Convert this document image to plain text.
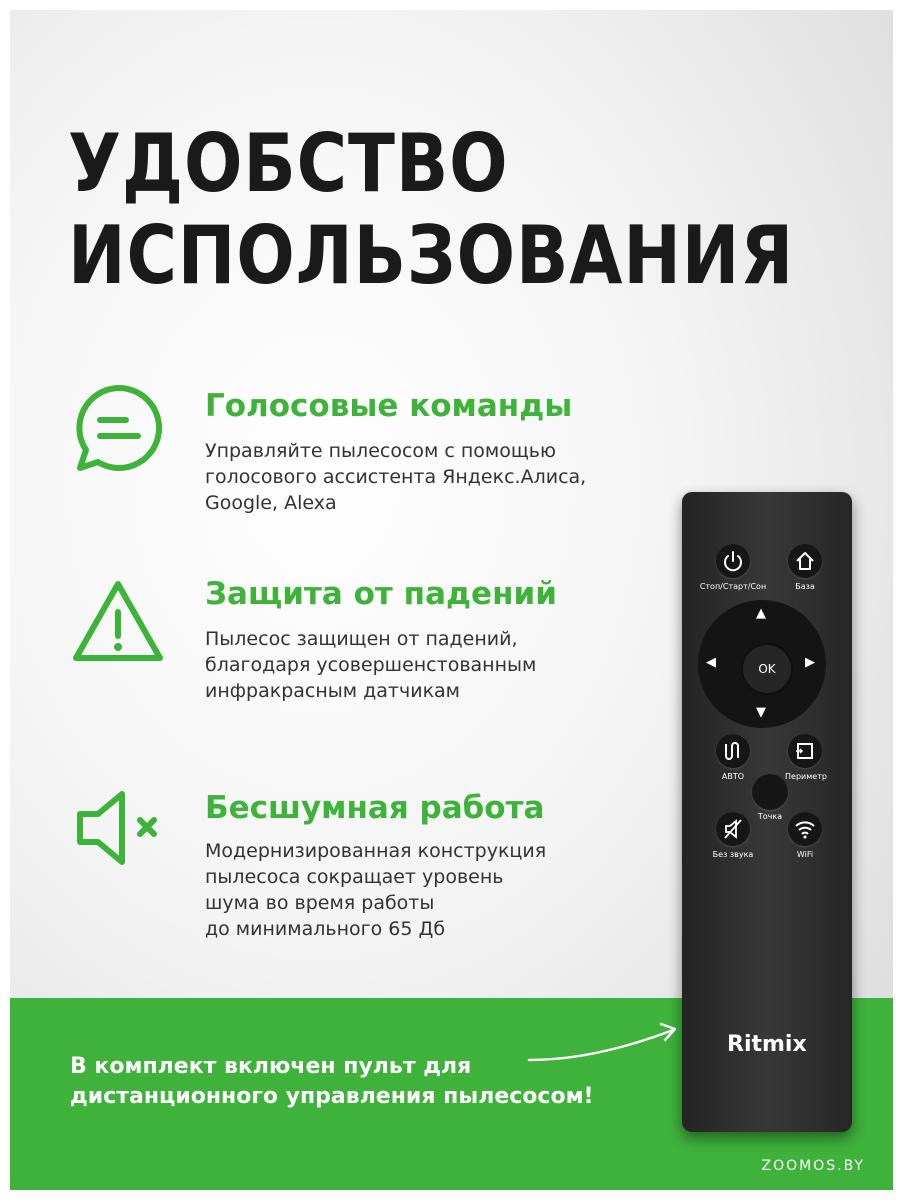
УДОБСТВО
ИСПОЛЬЗОВАНИЯ
Голосовые команды

Управляйте пылесосом с помощью
голосового ассистента Яндекс.Алиса,
Google, Alexa

Защита от падений

Пылесос защищен от падений,
благодаря усовершенстованным
инфракрасным датчикам

Бесшумная работа

Модернизированная конструкция
пылесоса сокращает уровень
шума во время работы
до минимального 65 Дб

В комплект включен пульт для
дистанционного управления пылесосом!

ZOOMOS.BY
Стоп/Старт/Сон	База
▲
▼
◀	▶
OK
АВТО	Периметр
Точка
Без звука	WiFi
Ritmix
